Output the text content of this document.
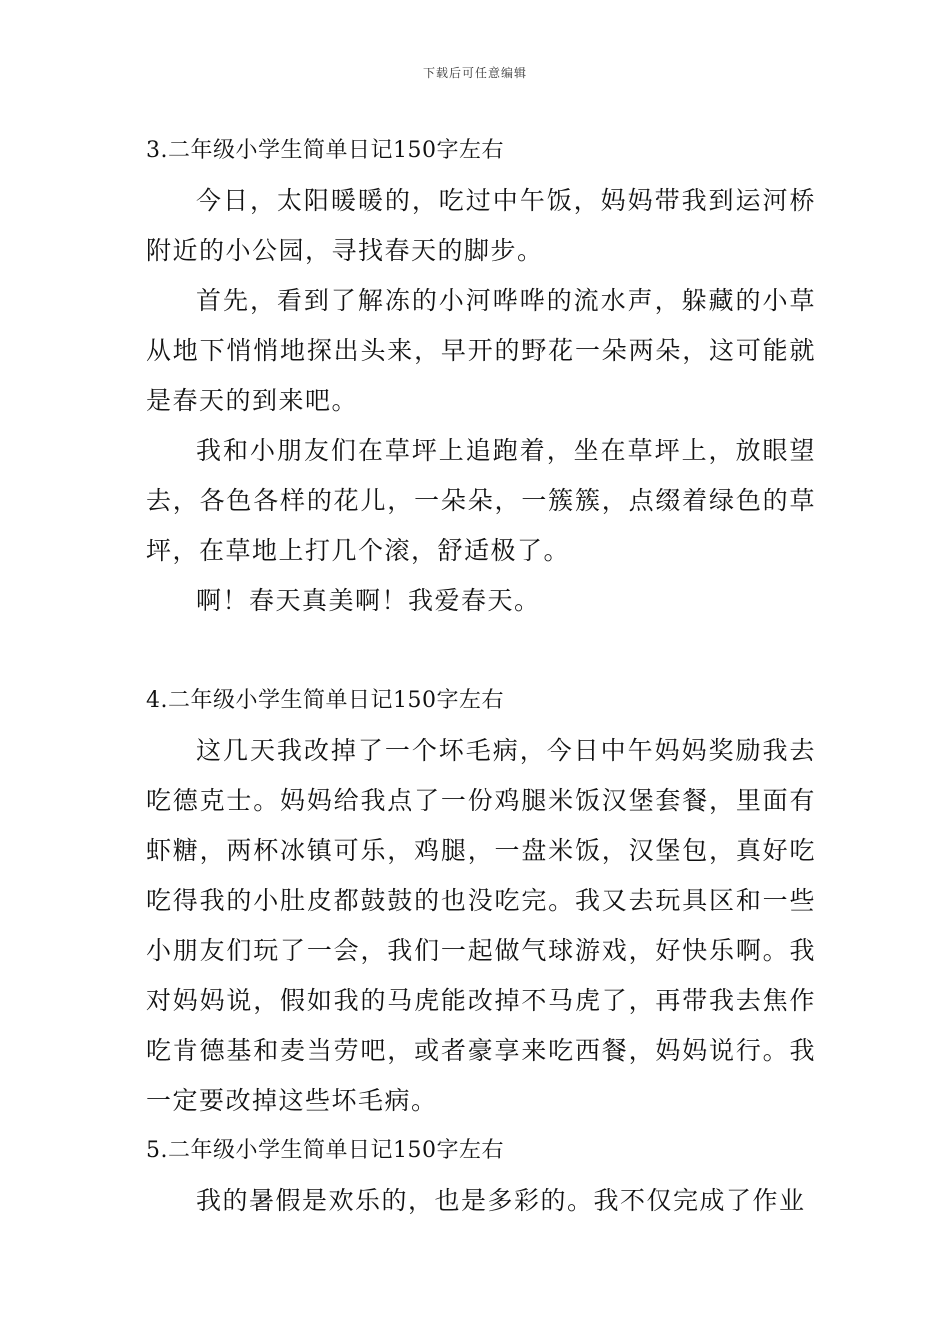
下载后可任意编辑

3.二年级小学生简单日记150字左右

今日，太阳暖暖的，吃过中午饭，妈妈带我到运河桥附近的小公园，寻找春天的脚步。

首先，看到了解冻的小河哗哗的流水声，躲藏的小草从地下悄悄地探出头来，早开的野花一朵两朵，这可能就是春天的到来吧。

我和小朋友们在草坪上追跑着，坐在草坪上，放眼望去，各色各样的花儿，一朵朵，一簇簇，点缀着绿色的草坪，在草地上打几个滚，舒适极了。

啊！春天真美啊！我爱春天。

4.二年级小学生简单日记150字左右

这几天我改掉了一个坏毛病，今日中午妈妈奖励我去吃德克士。妈妈给我点了一份鸡腿米饭汉堡套餐，里面有虾糖，两杯冰镇可乐，鸡腿，一盘米饭，汉堡包，真好吃吃得我的小肚皮都鼓鼓的也没吃完。我又去玩具区和一些小朋友们玩了一会，我们一起做气球游戏，好快乐啊。我对妈妈说，假如我的马虎能改掉不马虎了，再带我去焦作吃肯德基和麦当劳吧，或者豪享来吃西餐，妈妈说行。我一定要改掉这些坏毛病。

5.二年级小学生简单日记150字左右

我的暑假是欢乐的，也是多彩的。我不仅完成了作业
